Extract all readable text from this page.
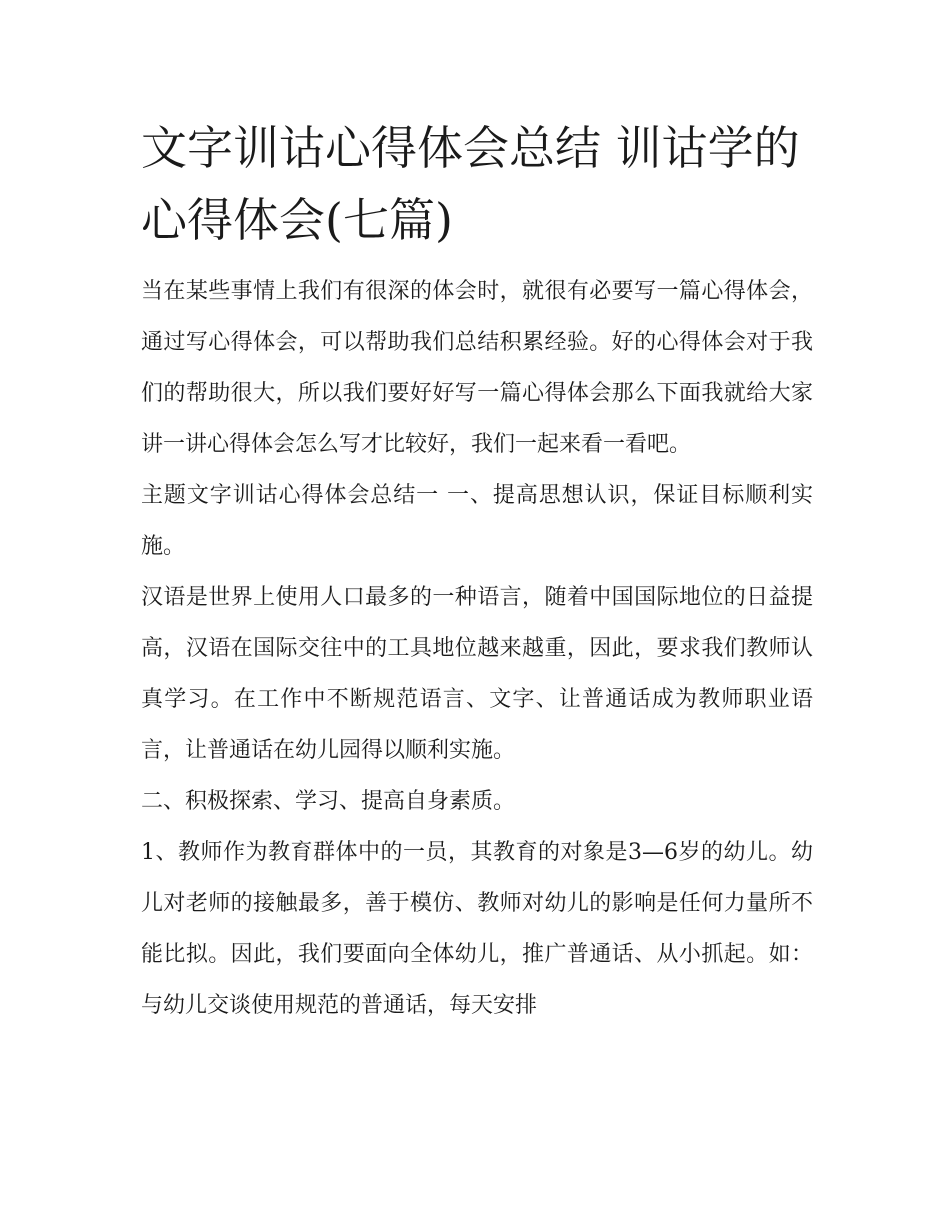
文字训诂心得体会总结 训诂学的心得体会(七篇)

当在某些事情上我们有很深的体会时，就很有必要写一篇心得体会，通过写心得体会，可以帮助我们总结积累经验。好的心得体会对于我们的帮助很大，所以我们要好好写一篇心得体会那么下面我就给大家讲一讲心得体会怎么写才比较好，我们一起来看一看吧。

主题文字训诂心得体会总结一 一、提高思想认识，保证目标顺利实施。

汉语是世界上使用人口最多的一种语言，随着中国国际地位的日益提高，汉语在国际交往中的工具地位越来越重，因此，要求我们教师认真学习。在工作中不断规范语言、文字、让普通话成为教师职业语言，让普通话在幼儿园得以顺利实施。

二、积极探索、学习、提高自身素质。

1、教师作为教育群体中的一员，其教育的对象是3—6岁的幼儿。幼儿对老师的接触最多，善于模仿、教师对幼儿的影响是任何力量所不能比拟。因此，我们要面向全体幼儿，推广普通话、从小抓起。如：与幼儿交谈使用规范的普通话，每天安排
